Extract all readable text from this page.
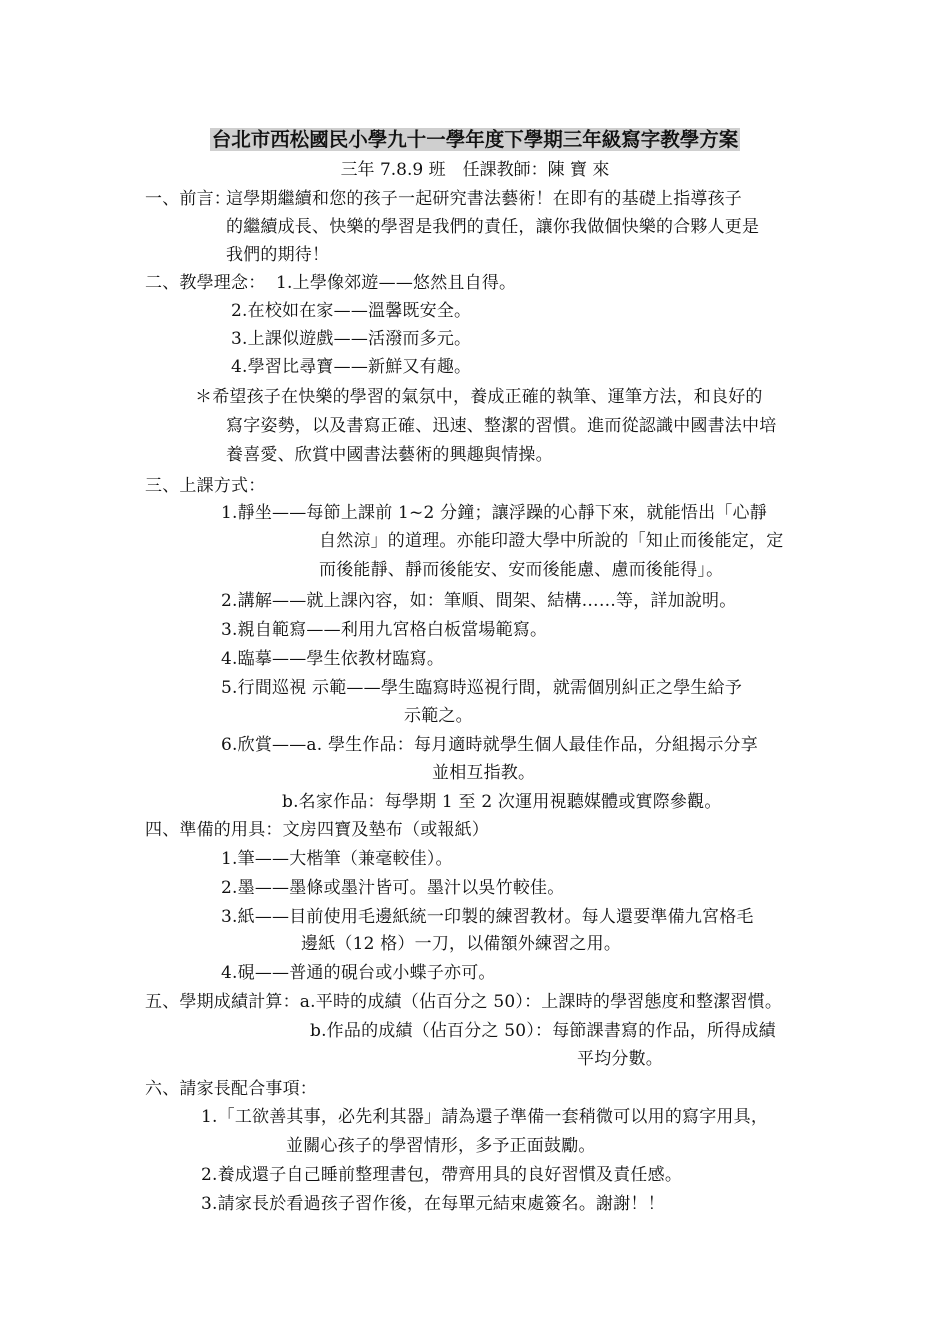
台北市西松國民小學九十一學年度下學期三年級寫字教學方案
三年 7.8.9 班　任課教師：陳 寶 來
一、前言：
這學期繼續和您的孩子一起研究書法藝術！在即有的基礎上指導孩子
的繼續成長、快樂的學習是我們的責任，讓你我做個快樂的合夥人更是
我們的期待！
二、教學理念： 1.上學像郊遊——悠然且自得。
2.在校如在家——溫馨既安全。
3.上課似遊戲——活潑而多元。
4.學習比尋寶——新鮮又有趣。
＊希望孩子在快樂的學習的氣氛中，養成正確的執筆、運筆方法，和良好的
寫字姿勢，以及書寫正確、迅速、整潔的習慣。進而從認識中國書法中培
養喜愛、欣賞中國書法藝術的興趣與情操。
三、上課方式：
1.靜坐——每節上課前 1~2 分鐘；讓浮躁的心靜下來，就能悟出「心靜
自然涼」的道理。亦能印證大學中所說的「知止而後能定，定
而後能靜、靜而後能安、安而後能慮、慮而後能得」。
2.講解——就上課內容，如：筆順、間架、結構……等，詳加說明。
3.親自範寫——利用九宮格白板當場範寫。
4.臨摹——學生依教材臨寫。
5.行間巡視 示範——學生臨寫時巡視行間，就需個別糾正之學生給予
示範之。
6.欣賞——a. 學生作品：每月適時就學生個人最佳作品，分組揭示分享
並相互指教。
b.名家作品：每學期 1 至 2 次運用視聽媒體或實際參觀。
四、準備的用具：文房四寶及墊布（或報紙）
1.筆——大楷筆（兼毫較佳）。
2.墨——墨條或墨汁皆可。墨汁以吳竹較佳。
3.紙——目前使用毛邊紙統一印製的練習教材。每人還要準備九宮格毛
邊紙（12 格）一刀，以備額外練習之用。
4.硯——普通的硯台或小蝶子亦可。
五、學期成績計算：a.平時的成績（佔百分之 50）：上課時的學習態度和整潔習慣。
b.作品的成績（佔百分之 50）：每節課書寫的作品，所得成績
平均分數。
六、請家長配合事項：
1.「工欲善其事，必先利其器」請為還子準備一套稍微可以用的寫字用具，
並關心孩子的學習情形，多予正面鼓勵。
2.養成還子自己睡前整理書包，帶齊用具的良好習慣及責任感。
3.請家長於看過孩子習作後，在每單元結束處簽名。謝謝！！
